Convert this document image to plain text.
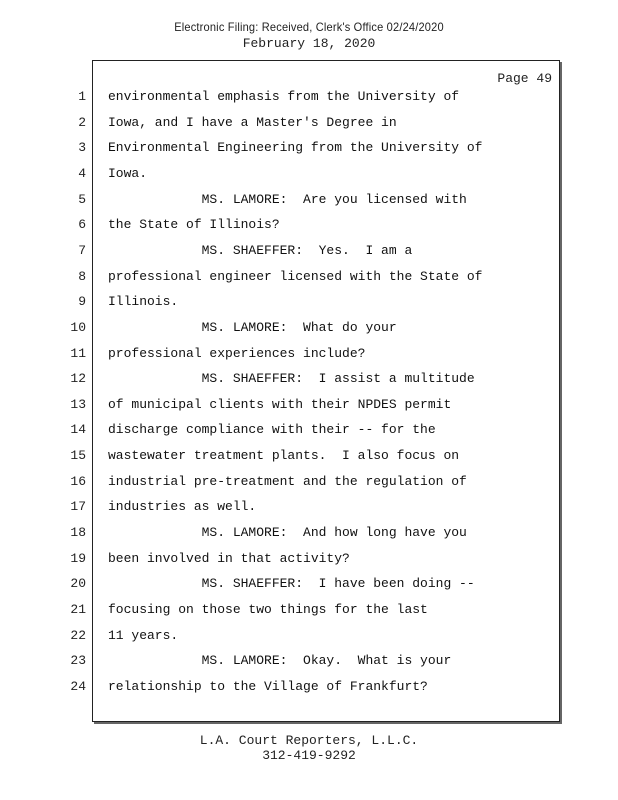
Electronic Filing: Received, Clerk's Office 02/24/2020
February 18, 2020
Page 49
1 environmental emphasis from the University of
2 Iowa, and I have a Master's Degree in
3 Environmental Engineering from the University of
4 Iowa.
5 MS. LAMORE:  Are you licensed with
6 the State of Illinois?
7 MS. SHAEFFER:  Yes.  I am a
8 professional engineer licensed with the State of
9 Illinois.
10 MS. LAMORE:  What do your
11 professional experiences include?
12 MS. SHAEFFER:  I assist a multitude
13 of municipal clients with their NPDES permit
14 discharge compliance with their -- for the
15 wastewater treatment plants.  I also focus on
16 industrial pre-treatment and the regulation of
17 industries as well.
18 MS. LAMORE:  And how long have you
19 been involved in that activity?
20 MS. SHAEFFER:  I have been doing --
21 focusing on those two things for the last
22 11 years.
23 MS. LAMORE:  Okay.  What is your
24 relationship to the Village of Frankfurt?
L.A. Court Reporters, L.L.C.
312-419-9292
